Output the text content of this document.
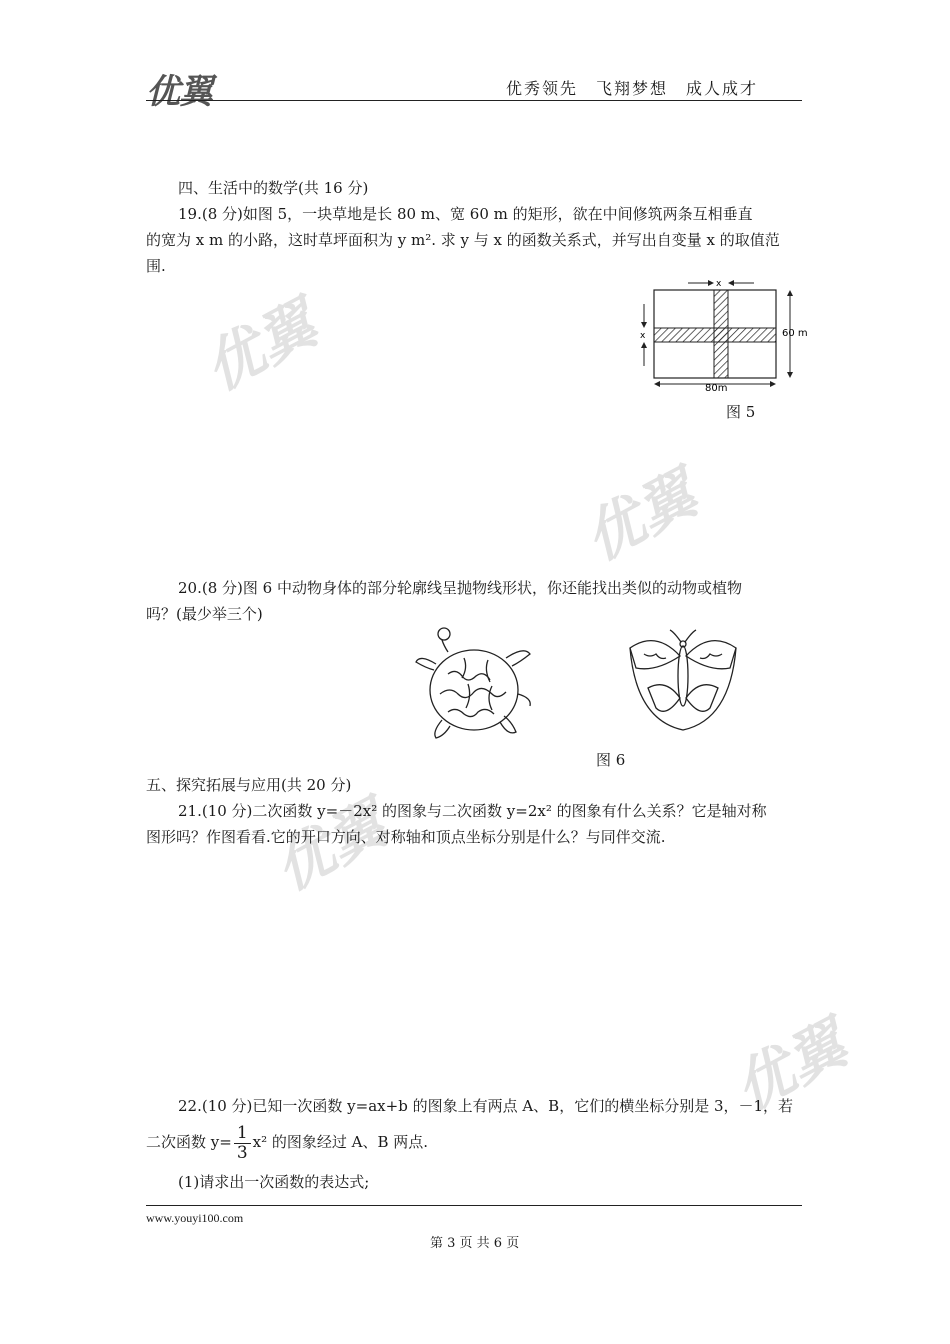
优翼	优秀领先　飞翔梦想　成人成才
优翼
优翼
优翼
优翼
四、生活中的数学(共 16 分)
19.(8 分)如图 5，一块草地是长 80 m、宽 60 m 的矩形，欲在中间修筑两条互相垂直
的宽为 x m 的小路，这时草坪面积为 y m². 求 y 与 x 的函数关系式，并写出自变量 x 的取值范
围.
x
x	60 m
80m
图 5
20.(8 分)图 6 中动物身体的部分轮廓线呈抛物线形状，你还能找出类似的动物或植物
吗？(最少举三个)
图 6
五、探究拓展与应用(共 20 分)
21.(10 分)二次函数 y=－2x² 的图象与二次函数 y=2x² 的图象有什么关系？它是轴对称
图形吗？作图看看.它的开口方向、对称轴和顶点坐标分别是什么？与同伴交流.
22.(10 分)已知一次函数 y=ax+b 的图象上有两点 A、B，它们的横坐标分别是 3，－1，若
二次函数 $y= \frac{1}{3} x^2$ 的图象经过 A、B 两点.
(1)请求出一次函数的表达式;
www.youyi100.com
第 3 页 共 6 页
